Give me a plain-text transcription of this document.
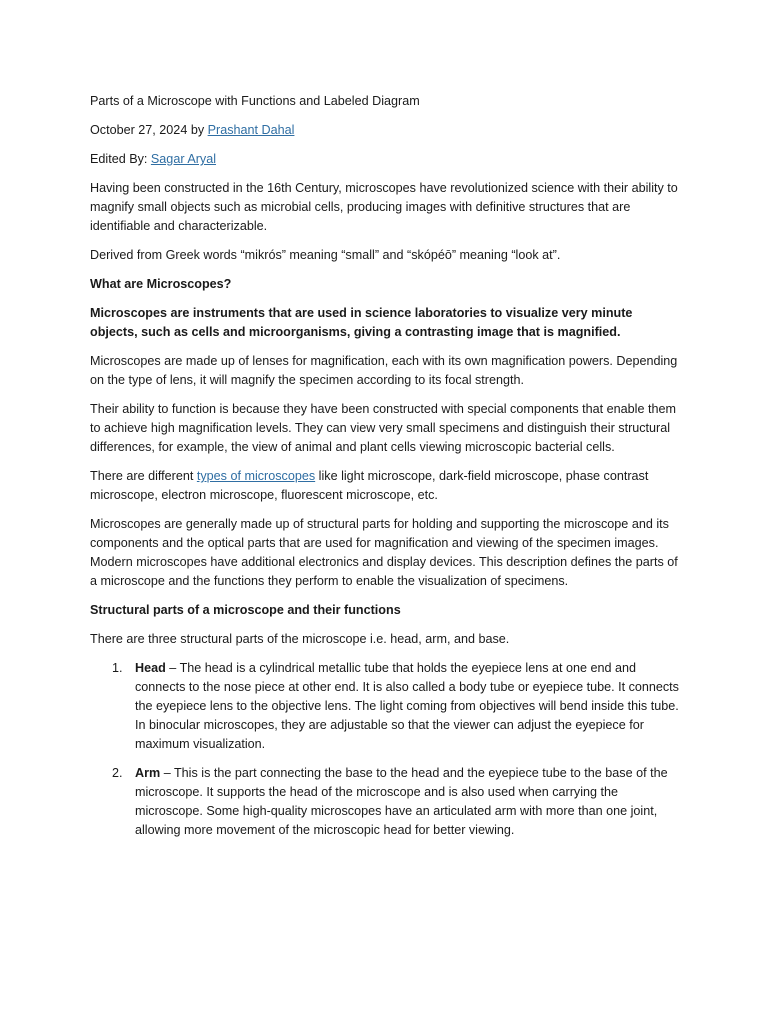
Parts of a Microscope with Functions and Labeled Diagram

October 27, 2024 by Prashant Dahal

Edited By: Sagar Aryal

Having been constructed in the 16th Century, microscopes have revolutionized science with their ability to magnify small objects such as microbial cells, producing images with definitive structures that are identifiable and characterizable.

Derived from Greek words “mikrós” meaning “small” and “skópéō” meaning “look at”.

What are Microscopes?

Microscopes are instruments that are used in science laboratories to visualize very minute objects, such as cells and microorganisms, giving a contrasting image that is magnified.

Microscopes are made up of lenses for magnification, each with its own magnification powers. Depending on the type of lens, it will magnify the specimen according to its focal strength.

Their ability to function is because they have been constructed with special components that enable them to achieve high magnification levels. They can view very small specimens and distinguish their structural differences, for example, the view of animal and plant cells viewing microscopic bacterial cells.

There are different types of microscopes like light microscope, dark-field microscope, phase contrast microscope, electron microscope, fluorescent microscope, etc.

Microscopes are generally made up of structural parts for holding and supporting the microscope and its components and the optical parts that are used for magnification and viewing of the specimen images. Modern microscopes have additional electronics and display devices. This description defines the parts of a microscope and the functions they perform to enable the visualization of specimens.

Structural parts of a microscope and their functions

There are three structural parts of the microscope i.e. head, arm, and base.

1. Head – The head is a cylindrical metallic tube that holds the eyepiece lens at one end and connects to the nose piece at other end. It is also called a body tube or eyepiece tube. It connects the eyepiece lens to the objective lens. The light coming from objectives will bend inside this tube. In binocular microscopes, they are adjustable so that the viewer can adjust the eyepiece for maximum visualization.
2. Arm – This is the part connecting the base to the head and the eyepiece tube to the base of the microscope. It supports the head of the microscope and is also used when carrying the microscope. Some high-quality microscopes have an articulated arm with more than one joint, allowing more movement of the microscopic head for better viewing.
